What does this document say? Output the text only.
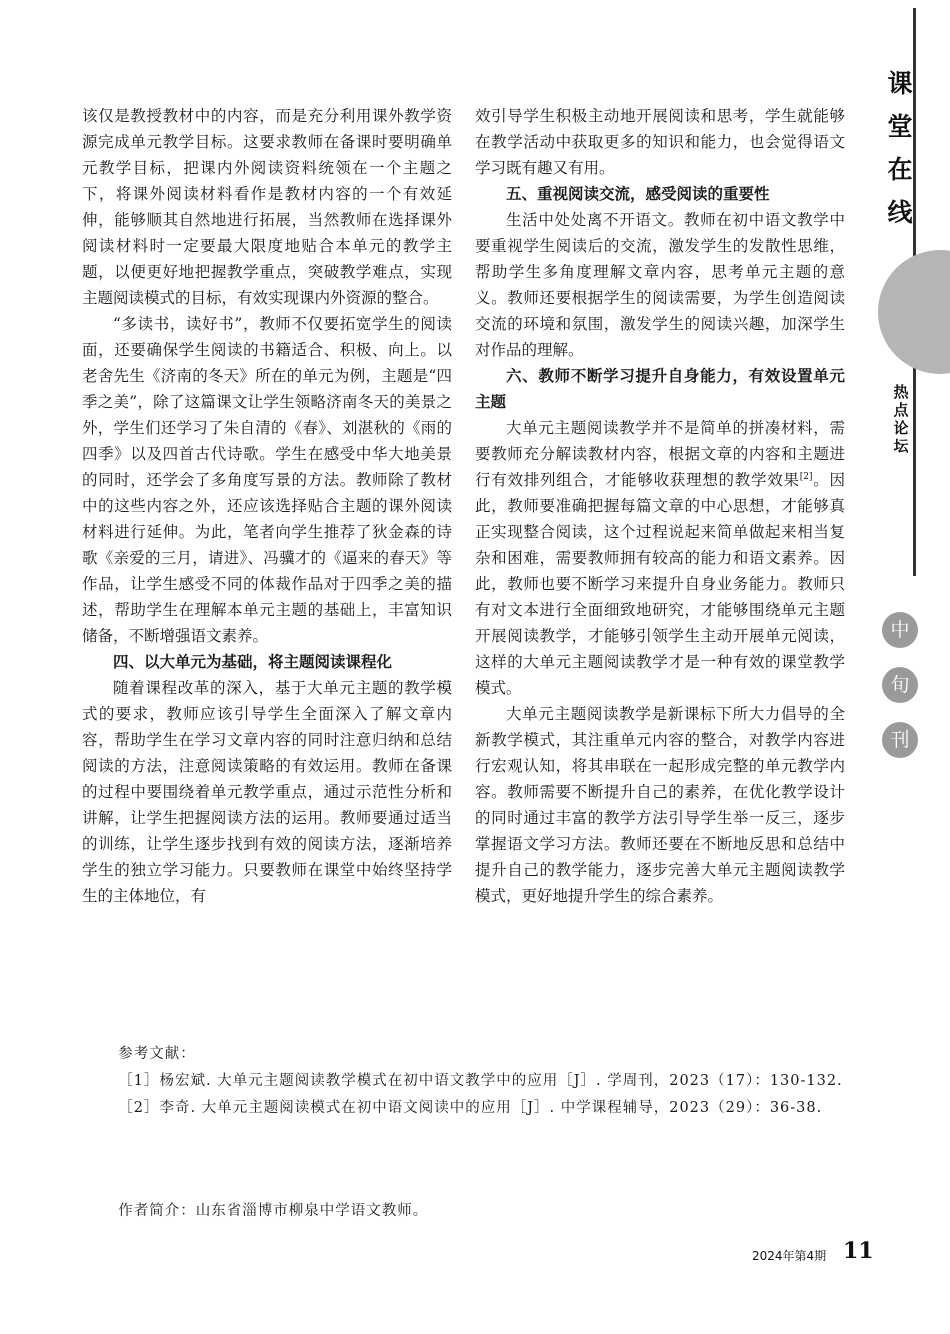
该仅是教授教材中的内容，而是充分利用课外教学资源完成单元教学目标。这要求教师在备课时要明确单元教学目标，把课内外阅读资料统领在一个主题之下，将课外阅读材料看作是教材内容的一个有效延伸，能够顺其自然地进行拓展，当然教师在选择课外阅读材料时一定要最大限度地贴合本单元的教学主题，以便更好地把握教学重点，突破教学难点，实现主题阅读模式的目标，有效实现课内外资源的整合。

“多读书，读好书”，教师不仅要拓宽学生的阅读面，还要确保学生阅读的书籍适合、积极、向上。以老舍先生《济南的冬天》所在的单元为例，主题是“四季之美”，除了这篇课文让学生领略济南冬天的美景之外，学生们还学习了朱自清的《春》、刘湛秋的《雨的四季》以及四首古代诗歌。学生在感受中华大地美景的同时，还学会了多角度写景的方法。教师除了教材中的这些内容之外，还应该选择贴合主题的课外阅读材料进行延伸。为此，笔者向学生推荐了狄金森的诗歌《亲爱的三月，请进》、冯骥才的《逼来的春天》等作品，让学生感受不同的体裁作品对于四季之美的描述，帮助学生在理解本单元主题的基础上，丰富知识储备，不断增强语文素养。

四、以大单元为基础，将主题阅读课程化

随着课程改革的深入，基于大单元主题的教学模式的要求，教师应该引导学生全面深入了解文章内容，帮助学生在学习文章内容的同时注意归纳和总结阅读的方法，注意阅读策略的有效运用。教师在备课的过程中要围绕着单元教学重点，通过示范性分析和讲解，让学生把握阅读方法的运用。教师要通过适当的训练，让学生逐步找到有效的阅读方法，逐渐培养学生的独立学习能力。只要教师在课堂中始终坚持学生的主体地位，有

效引导学生积极主动地开展阅读和思考，学生就能够在教学活动中获取更多的知识和能力，也会觉得语文学习既有趣又有用。

五、重视阅读交流，感受阅读的重要性

生活中处处离不开语文。教师在初中语文教学中要重视学生阅读后的交流，激发学生的发散性思维，帮助学生多角度理解文章内容，思考单元主题的意义。教师还要根据学生的阅读需要，为学生创造阅读交流的环境和氛围，激发学生的阅读兴趣，加深学生对作品的理解。

六、教师不断学习提升自身能力，有效设置单元主题

大单元主题阅读教学并不是简单的拼凑材料，需要教师充分解读教材内容，根据文章的内容和主题进行有效排列组合，才能够收获理想的教学效果[2]。因此，教师要准确把握每篇文章的中心思想，才能够真正实现整合阅读，这个过程说起来简单做起来相当复杂和困难，需要教师拥有较高的能力和语文素养。因此，教师也要不断学习来提升自身业务能力。教师只有对文本进行全面细致地研究，才能够围绕单元主题开展阅读教学，才能够引领学生主动开展单元阅读，这样的大单元主题阅读教学才是一种有效的课堂教学模式。

大单元主题阅读教学是新课标下所大力倡导的全新教学模式，其注重单元内容的整合，对教学内容进行宏观认知，将其串联在一起形成完整的单元教学内容。教师需要不断提升自己的素养，在优化教学设计的同时通过丰富的教学方法引导学生举一反三，逐步掌握语文学习方法。教师还要在不断地反思和总结中提升自己的教学能力，逐步完善大单元主题阅读教学模式，更好地提升学生的综合素养。

参考文献：

［1］杨宏斌. 大单元主题阅读教学模式在初中语文教学中的应用［J］. 学周刊，2023（17）：130-132.

［2］李奇. 大单元主题阅读模式在初中语文阅读中的应用［J］. 中学课程辅导，2023（29）：36-38.

作者简介：山东省淄博市柳泉中学语文教师。

课
堂
在
线
热
点
论
坛
中
旬
刊
2024年第4期 11
